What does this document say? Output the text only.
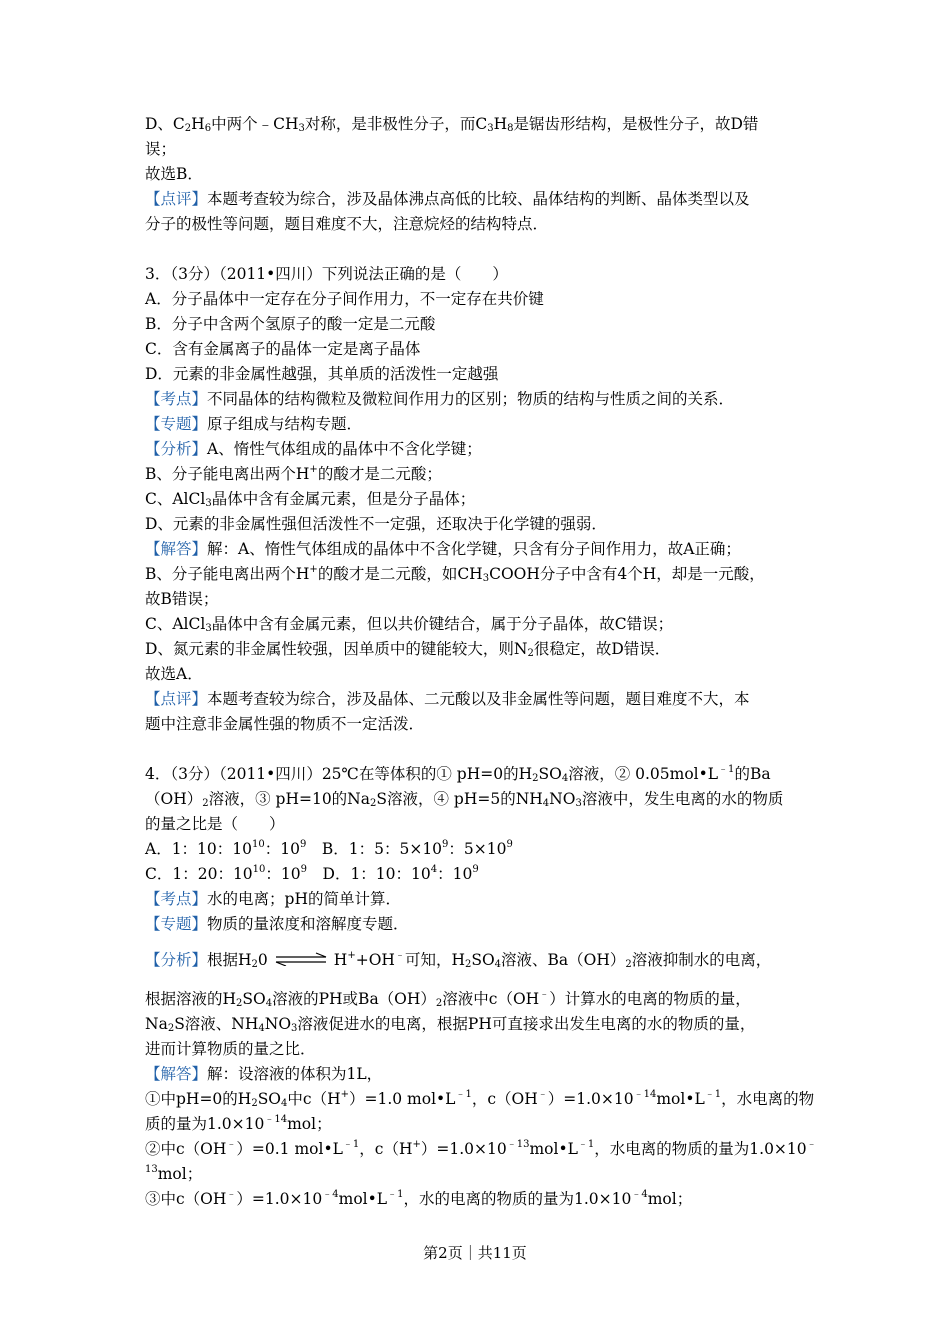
D、$C_2H_6$中两个$﹣CH_3$对称，是非极性分子，而$C_3H_8$是锯齿形结构，是极性分子，故D错
误；
故选B．
【点评】本题考查较为综合，涉及晶体沸点高低的比较、晶体结构的判断、晶体类型以及
分子的极性等问题，题目难度不大，注意烷烃的结构特点．
3．（3分）（2011•四川）下列说法正确的是（　　）
A．分子晶体中一定存在分子间作用力，不一定存在共价键
B．分子中含两个氢原子的酸一定是二元酸
C．含有金属离子的晶体一定是离子晶体
D．元素的非金属性越强，其单质的活泼性一定越强
【考点】不同晶体的结构微粒及微粒间作用力的区别；物质的结构与性质之间的关系．
【专题】原子组成与结构专题．
【分析】A、惰性气体组成的晶体中不含化学键；
B、分子能电离出两个H+的酸才是二元酸；
C、AlCl$_3$晶体中含有金属元素，但是分子晶体；
D、元素的非金属性强但活泼性不一定强，还取决于化学键的强弱．
【解答】解：A、惰性气体组成的晶体中不含化学键，只含有分子间作用力，故A正确；
B、分子能电离出两个H+的酸才是二元酸，如$CH_3COOH$分子中含有4个H，却是一元酸，
故B错误；
C、AlCl$_3$晶体中含有金属元素，但以共价键结合，属于分子晶体，故C错误；
D、氮元素的非金属性较强，因单质中的键能较大，则$N_2$很稳定，故D错误．
故选A．
【点评】本题考查较为综合，涉及晶体、二元酸以及非金属性等问题，题目难度不大，本
题中注意非金属性强的物质不一定活泼．
4．（3分）（2011•四川）25℃在等体积的① pH=0的$H_2SO_4$溶液，② $0.05mol•L^{﹣1}$的Ba
$(OH)_2$溶液，③ pH=10的$Na_2S$溶液，④ pH=5的$NH_4NO_3$溶液中，发生电离的水的物质
的量之比是（　　）
A．1：10：$10^{10}$：$10^9$　B．1：5：$5\times 10^9$：$5\times 10^9$
C．1：20：$10^{10}$：$10^9$　D．1：10：$10^4$：$10^9$
【考点】水的电离；pH的简单计算．
【专题】物质的量浓度和溶解度专题．
【分析】根据$H_20$ ⇌ H++OH﹣可知，$H_2SO_4$溶液、$Ba(OH)_2$溶液抑制水的电离，
根据溶液的$H_2SO_4$溶液的PH或$Ba(OH)_2$溶液中c（OH﹣）计算水的电离的物质的量，
$Na_2S$溶液、$NH_4NO_3$溶液促进水的电离，根据PH可直接求出发生电离的水的物质的量，
进而计算物质的量之比．
【解答】解：设溶液的体积为1L，
①中pH=0的$H_2SO_4$中c（H+）=1.0 $mol•L^{﹣1}$，$c(OH^﹣)=1.0\times 10^{﹣14}mol•L^{﹣1}$，水电离的物
质的量为$1.0\times 10^{﹣14}mol$；
②中c（OH﹣）=0.1 $mol•L^{﹣1}$，$c(H^+)=1.0\times 10^{﹣13}mol•L^{﹣1}$，水电离的物质的量为1.0×10﹣
$^{13}$mol；
③中$c(OH^﹣)=1.0\times 10^{﹣4}mol•L^{﹣1}$，水的电离的物质的量为$1.0\times 10^{﹣4}mol$；
第2页｜共11页
